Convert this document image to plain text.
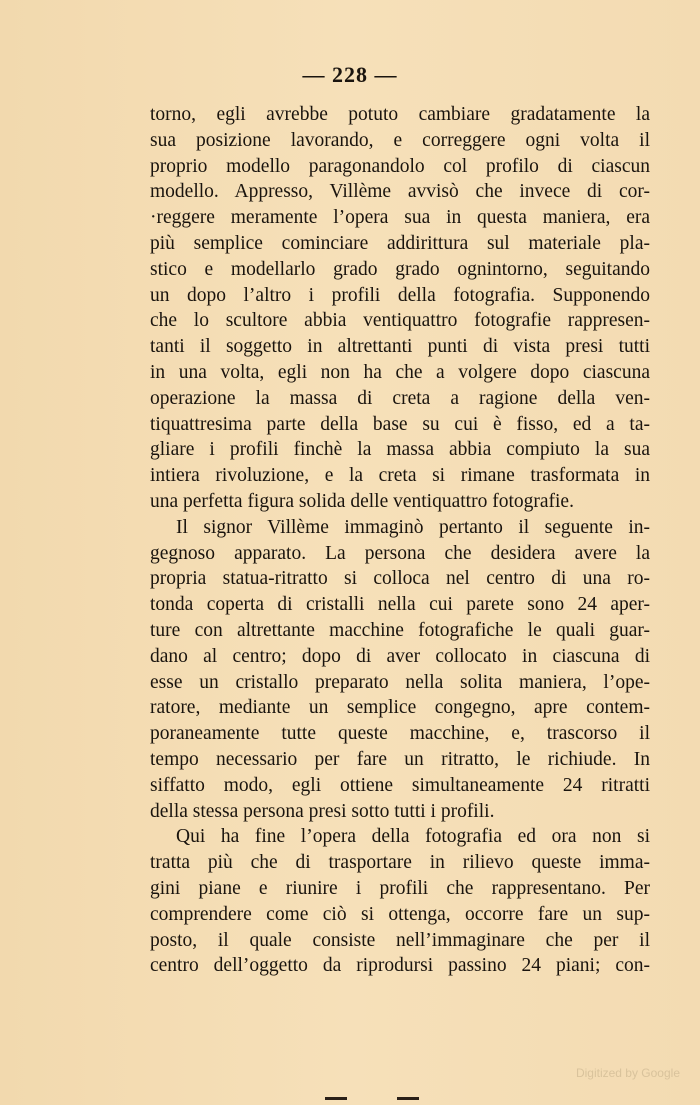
— 228 —
torno, egli avrebbe potuto cambiare gradatamente la
sua posizione lavorando, e correggere ogni volta il
proprio modello paragonandolo col profilo di ciascun
modello. Appresso, Villème avvisò che invece di cor-
·reggere meramente l’opera sua in questa maniera, era
più semplice cominciare addirittura sul materiale pla-
stico e modellarlo grado grado ognintorno, seguitando
un dopo l’altro i profili della fotografia. Supponendo
che lo scultore abbia ventiquattro fotografie rappresen-
tanti il soggetto in altrettanti punti di vista presi tutti
in una volta, egli non ha che a volgere dopo ciascuna
operazione la massa di creta a ragione della ven-
tiquattresima parte della base su cui è fisso, ed a ta-
gliare i profili finchè la massa abbia compiuto la sua
intiera rivoluzione, e la creta si rimane trasformata in
una perfetta figura solida delle ventiquattro fotografie.
Il signor Villème immaginò pertanto il seguente in-
gegnoso apparato. La persona che desidera avere la
propria statua-ritratto si colloca nel centro di una ro-
tonda coperta di cristalli nella cui parete sono 24 aper-
ture con altrettante macchine fotografiche le quali guar-
dano al centro; dopo di aver collocato in ciascuna di
esse un cristallo preparato nella solita maniera, l’ope-
ratore, mediante un semplice congegno, apre contem-
poraneamente tutte queste macchine, e, trascorso il
tempo necessario per fare un ritratto, le richiude. In
siffatto modo, egli ottiene simultaneamente 24 ritratti
della stessa persona presi sotto tutti i profili.
Qui ha fine l’opera della fotografia ed ora non si
tratta più che di trasportare in rilievo queste imma-
gini piane e riunire i profili che rappresentano. Per
comprendere come ciò si ottenga, occorre fare un sup-
posto, il quale consiste nell’immaginare che per il
centro dell’oggetto da riprodursi passino 24 piani; con-
Digitized by Google
